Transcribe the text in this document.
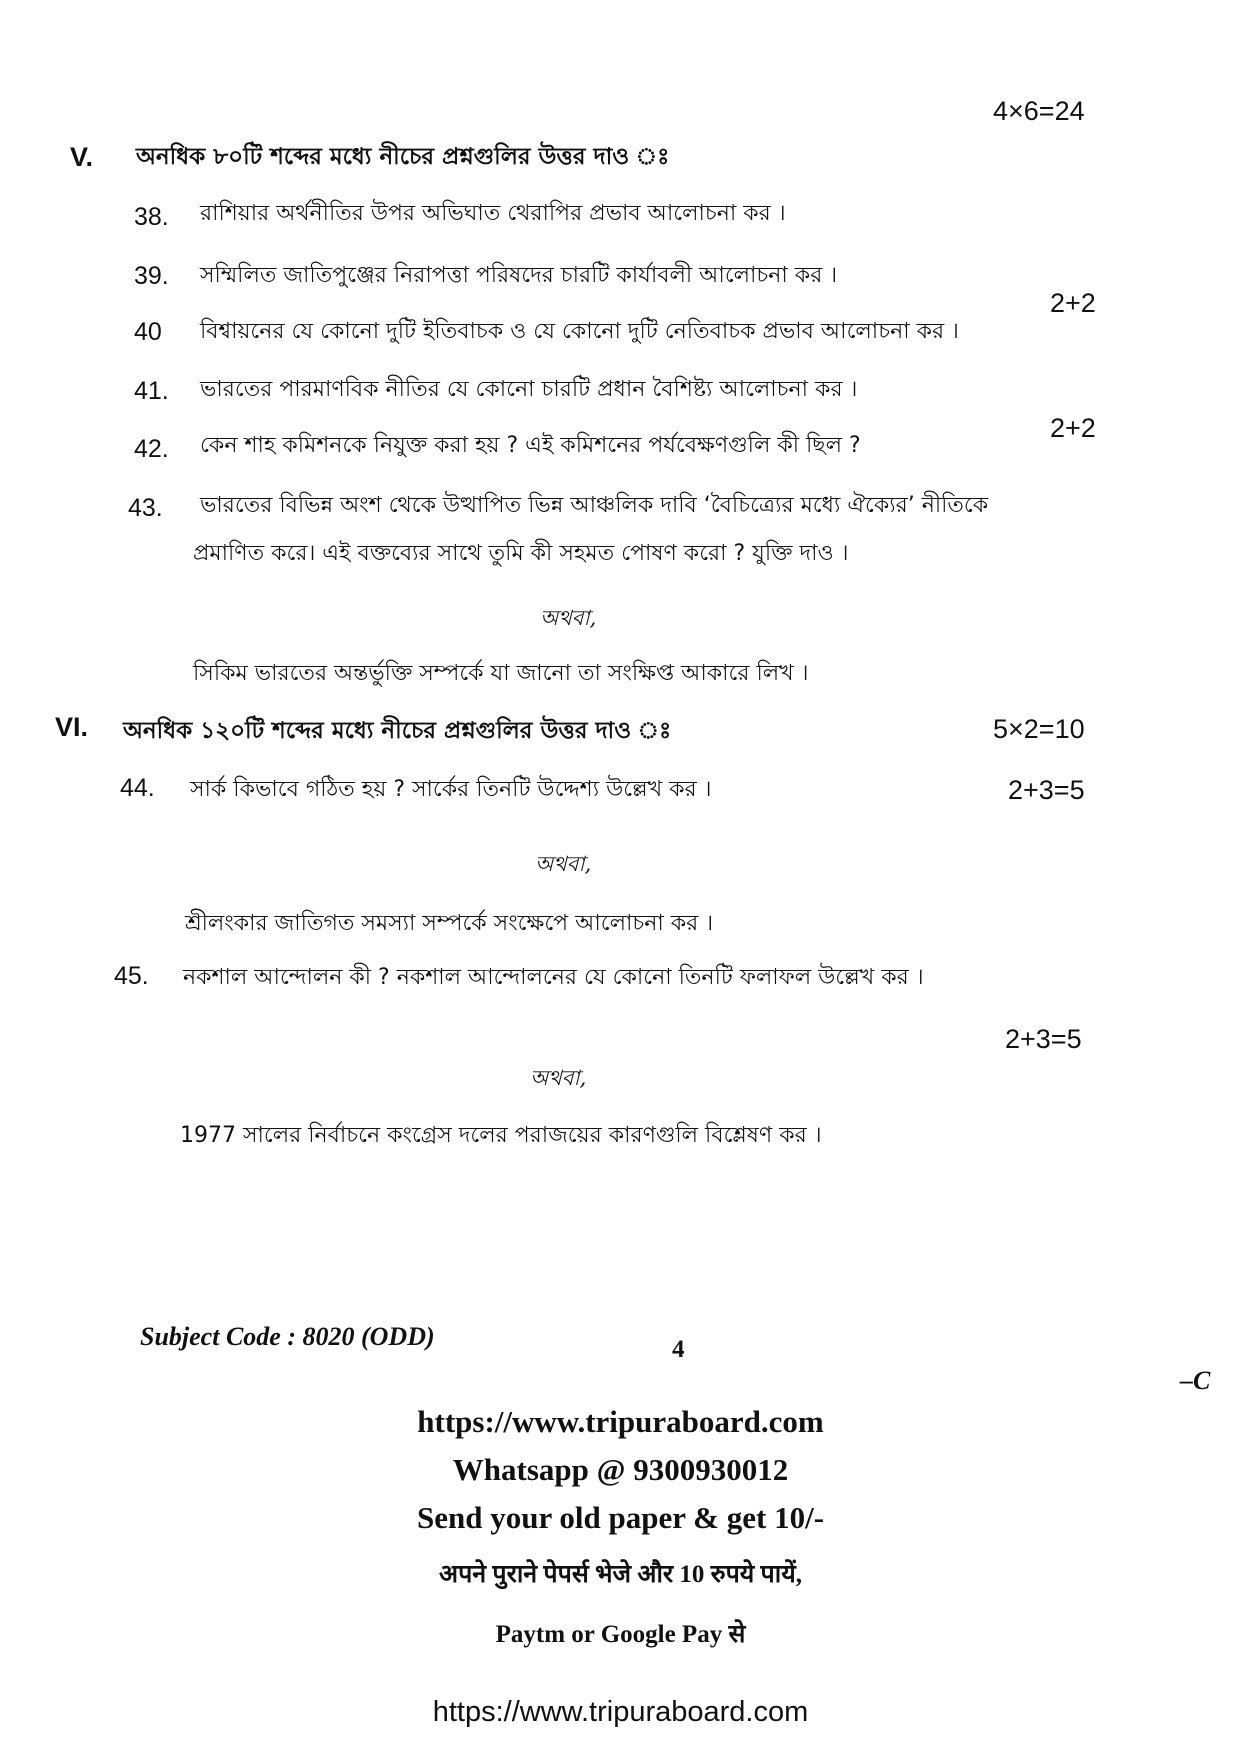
4×6=24
V. অনধিক ৮০টি শব্দের মধ্যে নীচের প্রশ্নগুলির উত্তর দাও ঃ
38. রাশিয়ার অর্থনীতির উপর অভিঘাত থেরাপির প্রভাব আলোচনা কর ।
39. সম্মিলিত জাতিপুঞ্জের নিরাপত্তা পরিষদের চারটি কার্যাবলী আলোচনা কর ।
40 বিশ্বায়নের যে কোনো দুটি ইতিবাচক ও যে কোনো দুটি নেতিবাচক প্রভাব আলোচনা কর ।
2+2
41. ভারতের পারমাণবিক নীতির যে কোনো চারটি প্রধান বৈশিষ্ট্য আলোচনা কর ।
42. কেন শাহ কমিশনকে নিযুক্ত করা হয় ? এই কমিশনের পর্যবেক্ষণগুলি কী ছিল ?
2+2
43. ভারতের বিভিন্ন অংশ থেকে উত্থাপিত ভিন্ন আঞ্চলিক দাবি ‘বৈচিত্র্যের মধ্যে ঐক্যের’ নীতিকে
প্রমাণিত করে। এই বক্তব্যের সাথে তুমি কী সহমত পোষণ করো ? যুক্তি দাও ।
অথবা,
সিকিম ভারতের অন্তর্ভুক্তি সম্পর্কে যা জানো তা সংক্ষিপ্ত আকারে লিখ ।
VI. অনধিক ১২০টি শব্দের মধ্যে নীচের প্রশ্নগুলির উত্তর দাও ঃ	5×2=10
44. সার্ক কিভাবে গঠিত হয় ? সার্কের তিনটি উদ্দেশ্য উল্লেখ কর ।	2+3=5
অথবা,
শ্রীলংকার জাতিগত সমস্যা সম্পর্কে সংক্ষেপে আলোচনা কর ।
45. নকশাল আন্দোলন কী ? নকশাল আন্দোলনের যে কোনো তিনটি ফলাফল উল্লেখ কর ।
2+3=5
অথবা,
1977 সালের নির্বাচনে কংগ্রেস দলের পরাজয়ের কারণগুলি বিশ্লেষণ কর ।
Subject Code : 8020 (ODD)	4
–C
https://www.tripuraboard.com
Whatsapp @ 9300930012
Send your old paper & get 10/-
अपने पुराने पेपर्स भेजे और 10 रुपये पायें,
Paytm or Google Pay से
https://www.tripuraboard.com
